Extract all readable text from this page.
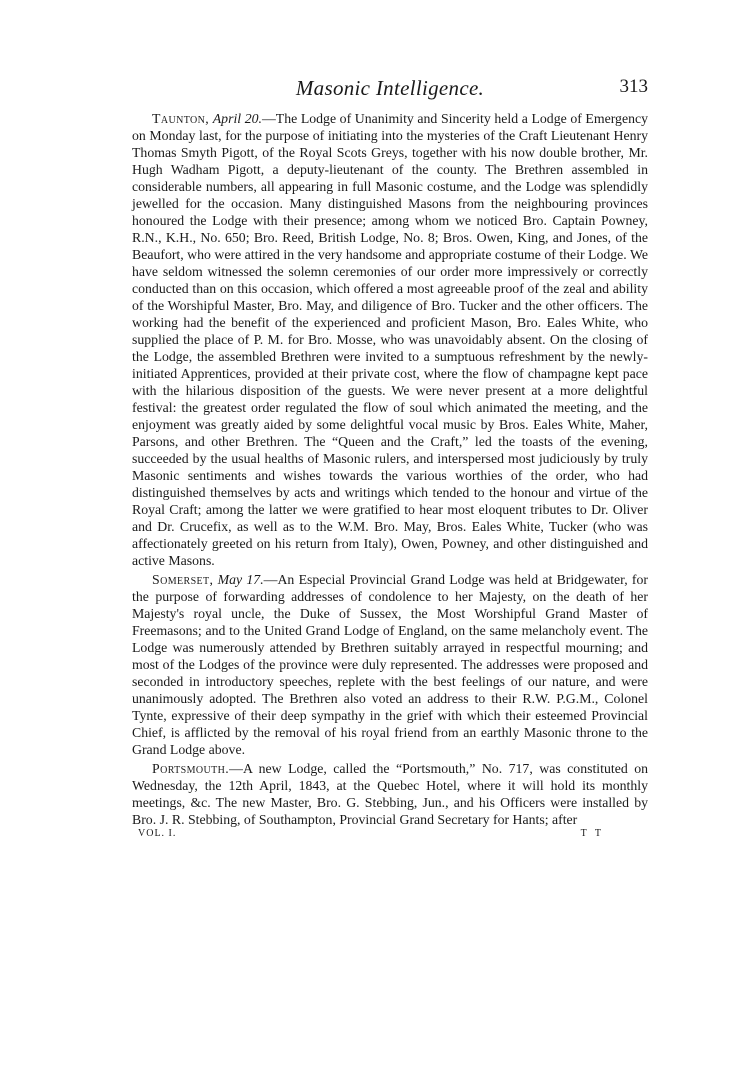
Masonic Intelligence.	313

Taunton, April 20.—The Lodge of Unanimity and Sincerity held a Lodge of Emergency on Monday last, for the purpose of initiating into the mysteries of the Craft Lieutenant Henry Thomas Smyth Pigott, of the Royal Scots Greys, together with his now double brother, Mr. Hugh Wadham Pigott, a deputy-lieutenant of the county. The Brethren assembled in considerable numbers, all appearing in full Masonic costume, and the Lodge was splendidly jewelled for the occasion. Many distinguished Masons from the neighbouring provinces honoured the Lodge with their presence; among whom we noticed Bro. Captain Powney, R.N., K.H., No. 650; Bro. Reed, British Lodge, No. 8; Bros. Owen, King, and Jones, of the Beaufort, who were attired in the very handsome and appropriate costume of their Lodge. We have seldom witnessed the solemn ceremonies of our order more impressively or correctly conducted than on this occasion, which offered a most agreeable proof of the zeal and ability of the Worshipful Master, Bro. May, and diligence of Bro. Tucker and the other officers. The working had the benefit of the experienced and proficient Mason, Bro. Eales White, who supplied the place of P. M. for Bro. Mosse, who was unavoidably absent. On the closing of the Lodge, the assembled Brethren were invited to a sumptuous refreshment by the newly-initiated Apprentices, provided at their private cost, where the flow of champagne kept pace with the hilarious disposition of the guests. We were never present at a more delightful festival: the greatest order regulated the flow of soul which animated the meeting, and the enjoyment was greatly aided by some delightful vocal music by Bros. Eales White, Maher, Parsons, and other Brethren. The “Queen and the Craft,” led the toasts of the evening, succeeded by the usual healths of Masonic rulers, and interspersed most judiciously by truly Masonic sentiments and wishes towards the various worthies of the order, who had distinguished themselves by acts and writings which tended to the honour and virtue of the Royal Craft; among the latter we were gratified to hear most eloquent tributes to Dr. Oliver and Dr. Crucefix, as well as to the W.M. Bro. May, Bros. Eales White, Tucker (who was affectionately greeted on his return from Italy), Owen, Powney, and other distinguished and active Masons.

Somerset, May 17.—An Especial Provincial Grand Lodge was held at Bridgewater, for the purpose of forwarding addresses of condolence to her Majesty, on the death of her Majesty's royal uncle, the Duke of Sussex, the Most Worshipful Grand Master of Freemasons; and to the United Grand Lodge of England, on the same melancholy event. The Lodge was numerously attended by Brethren suitably arrayed in respectful mourning; and most of the Lodges of the province were duly represented. The addresses were proposed and seconded in introductory speeches, replete with the best feelings of our nature, and were unanimously adopted. The Brethren also voted an address to their R.W. P.G.M., Colonel Tynte, expressive of their deep sympathy in the grief with which their esteemed Provincial Chief, is afflicted by the removal of his royal friend from an earthly Masonic throne to the Grand Lodge above.

Portsmouth.—A new Lodge, called the “Portsmouth,” No. 717, was constituted on Wednesday, the 12th April, 1843, at the Quebec Hotel, where it will hold its monthly meetings, &c. The new Master, Bro. G. Stebbing, Jun., and his Officers were installed by Bro. J. R. Stebbing, of Southampton, Provincial Grand Secretary for Hants; after

VOL. I.	T T
